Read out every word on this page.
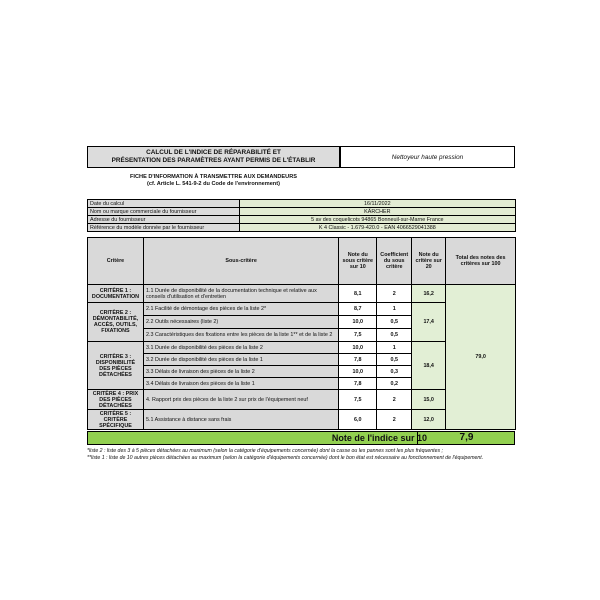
CALCUL DE L'INDICE DE RÉPARABILITÉ ET
PRÉSENTATION DES PARAMÈTRES AYANT PERMIS DE L'ÉTABLIR	Nettoyeur haute pression
FICHE D'INFORMATION À TRANSMETTRE AUX DEMANDEURS
(cf. Article L. 541-9-2 du Code de l'environnement)
Date du calcul	16/11/2022
Nom ou marque commerciale du fournisseur	KÄRCHER
Adresse du fournisseur	5 av des coquelicots 94865 Bonneuil-sur-Marne France
Référence du modèle donnée par le fournisseur	K 4 Classic - 1.679-420.0 - EAN 4066529041388
Critère	Sous-critère	Note du sous critère sur 10	Coefficient du sous critère	Note du critère sur 20	Total des notes des critères sur 100
CRITÈRE 1 : DOCUMENTATION	1.1 Durée de disponibilité de la documentation technique et relative aux conseils d'utilisation et d'entretien	8,1	2	16,2	79,0
CRITÈRE 2 : DÉMONTABILITÉ, ACCÈS, OUTILS, FIXATIONS	2.1 Facilité de démontage des pièces de la liste 2*	8,7	1	17,4	
	2.2 Outils nécessaires (liste 2)	10,0	0,5		
	2.3 Caractéristiques des fixations entre les pièces de la liste 1** et de la liste 2	7,5	0,5		
CRITÈRE 3 : DISPONIBILITÉ DES PIÈCES DÉTACHÉES	3.1 Durée de disponibilité des pièces de la liste 2	10,0	1	18,4	
	3.2 Durée de disponibilité des pièces de la liste 1	7,8	0,5		
	3.3 Délais de livraison des pièces de la liste 2	10,0	0,3		
	3.4 Délais de livraison des pièces de la liste 1	7,8	0,2		
CRITÈRE 4 : PRIX DES PIÈCES DÉTACHÉES	4. Rapport prix des pièces de la liste 2 sur prix de l'équipement neuf	7,5	2	15,0	
CRITÈRE 5 : CRITÈRE SPÉCIFIQUE	5.1 Assistance à distance sans frais	6,0	2	12,0	
Note de l'indice sur 10	7,9
*liste 2 : liste des 3 à 5 pièces détachées au maximum (selon la catégorie d'équipements concernée) dont la casse ou les pannes sont les plus fréquentes ;
**liste 1 : liste de 10 autres pièces détachées au maximum (selon la catégorie d'équipements concernée) dont le bon état est nécessaire au fonctionnement de l'équipement.
